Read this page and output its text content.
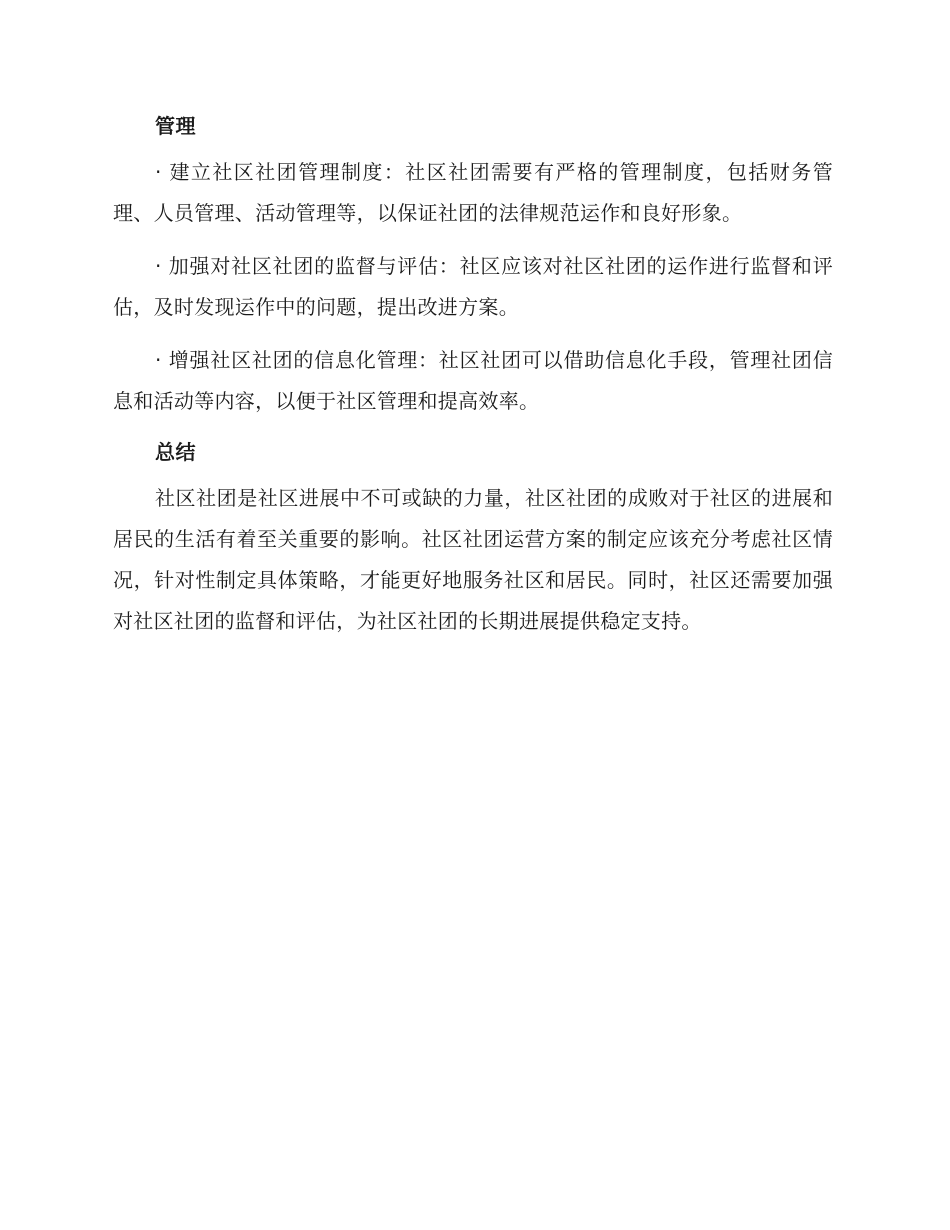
管理

· 建立社区社团管理制度：社区社团需要有严格的管理制度，包括财务管理、人员管理、活动管理等，以保证社团的法律规范运作和良好形象。

· 加强对社区社团的监督与评估：社区应该对社区社团的运作进行监督和评估，及时发现运作中的问题，提出改进方案。

· 增强社区社团的信息化管理：社区社团可以借助信息化手段，管理社团信息和活动等内容，以便于社区管理和提高效率。

总结

社区社团是社区进展中不可或缺的力量，社区社团的成败对于社区的进展和居民的生活有着至关重要的影响。社区社团运营方案的制定应该充分考虑社区情况，针对性制定具体策略，才能更好地服务社区和居民。同时，社区还需要加强对社区社团的监督和评估，为社区社团的长期进展提供稳定支持。
